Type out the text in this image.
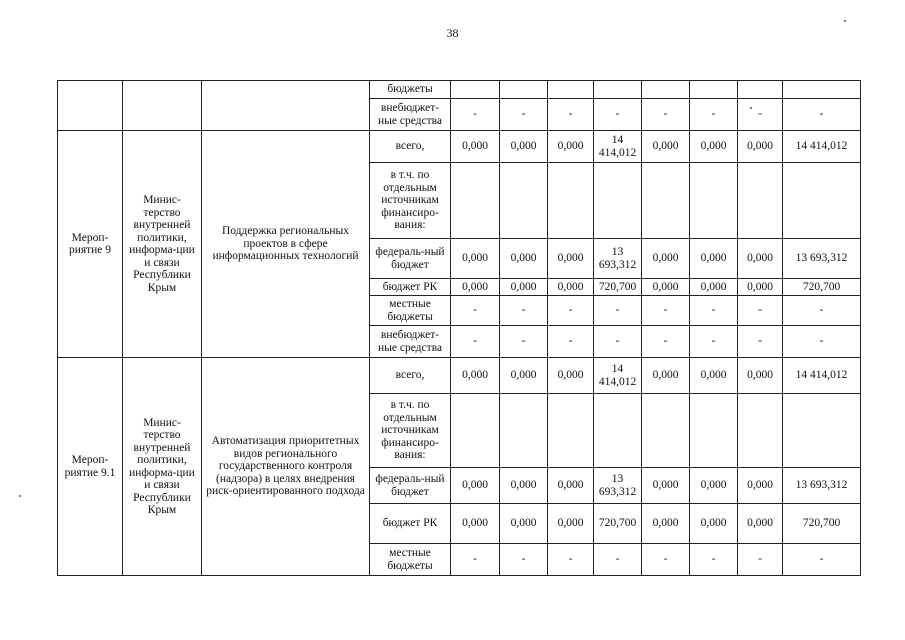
38
			бюджеты								
			внебюджет-ные средства	-	-	-	-	-	-	-	-
Мероп-риятие 9	Минис-терство внутренней политики, информа-ции и связи Республики Крым	Поддержка региональных проектов в сфере информационных технологий	всего,	0,000	0,000	0,000	14 414,012	0,000	0,000	0,000	14 414,012
			в т.ч. по отдельным источникам финансиро-вания:								
			федераль-ный бюджет	0,000	0,000	0,000	13 693,312	0,000	0,000	0,000	13 693,312
			бюджет РК	0,000	0,000	0,000	720,700	0,000	0,000	0,000	720,700
			местные бюджеты	-	-	-	-	-	-	-	-
			внебюджет-ные средства	-	-	-	-	-	-	-	-
Мероп-риятие 9.1	Минис-терство внутренней политики, информа-ции и связи Республики Крым	Автоматизация приоритетных видов регионального государственного контроля (надзора) в целях внедрения риск-ориентированного подхода	всего,	0,000	0,000	0,000	14 414,012	0,000	0,000	0,000	14 414,012
			в т.ч. по отдельным источникам финансиро-вания:								
			федераль-ный бюджет	0,000	0,000	0,000	13 693,312	0,000	0,000	0,000	13 693,312
			бюджет РК	0,000	0,000	0,000	720,700	0,000	0,000	0,000	720,700
			местные бюджеты	-	-	-	-	-	-	-	-
